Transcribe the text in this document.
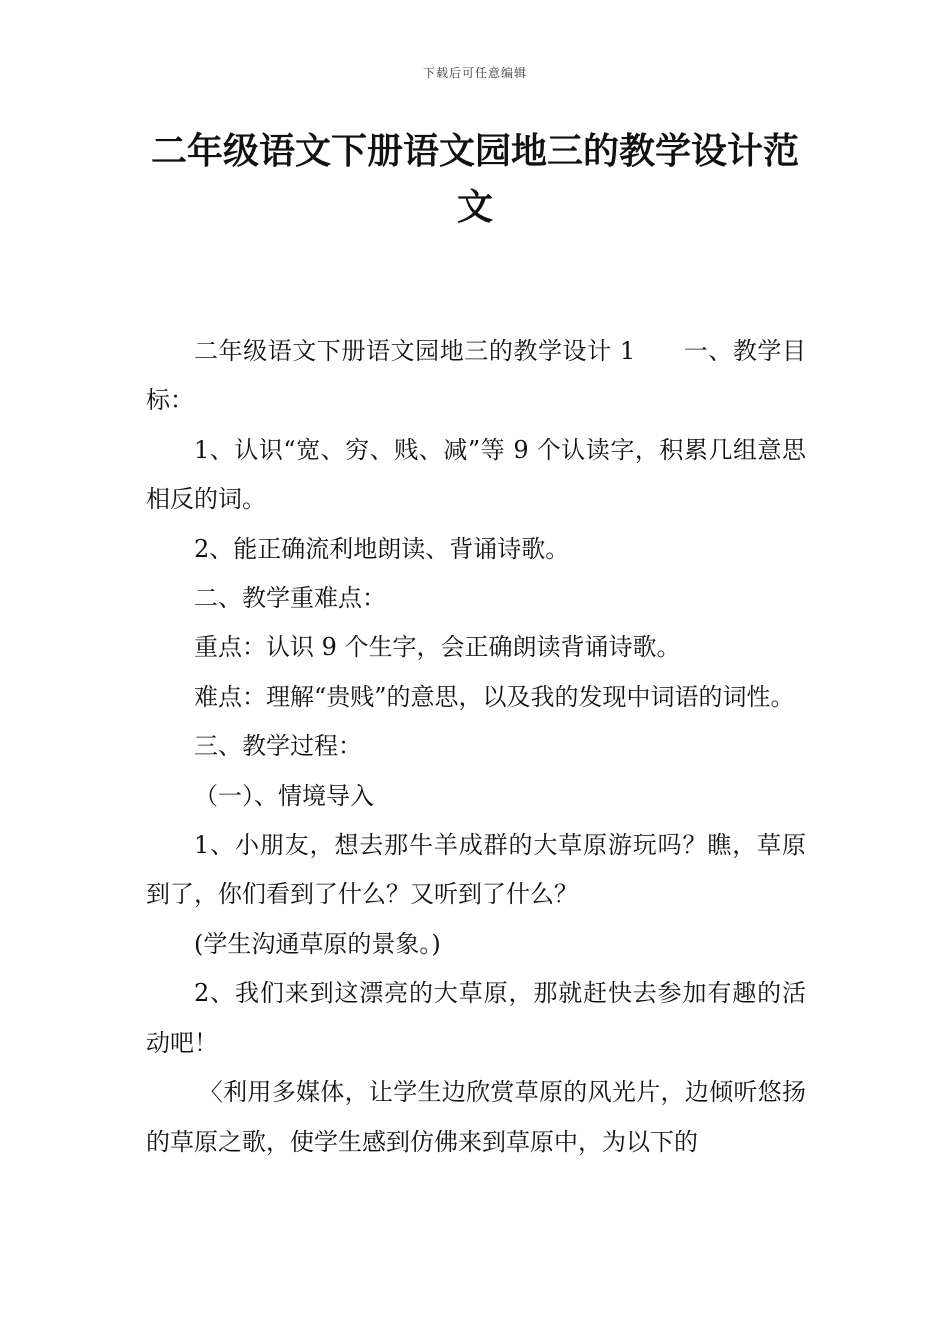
下载后可任意编辑
二年级语文下册语文园地三的教学设计范文

二年级语文下册语文园地三的教学设计 1 一、教学目标：

1、认识“宽、穷、贱、减”等 9 个认读字，积累几组意思相反的词。

2、能正确流利地朗读、背诵诗歌。

二、教学重难点：

重点：认识 9 个生字，会正确朗读背诵诗歌。

难点：理解“贵贱”的意思，以及我的发现中词语的词性。

三、教学过程：

（一）、情境导入

1、小朋友，想去那牛羊成群的大草原游玩吗？瞧，草原到了，你们看到了什么？又听到了什么？

(学生沟通草原的景象。)

2、我们来到这漂亮的大草原，那就赶快去参加有趣的活动吧！

〈利用多媒体，让学生边欣赏草原的风光片，边倾听悠扬的草原之歌，使学生感到仿佛来到草原中，为以下的
